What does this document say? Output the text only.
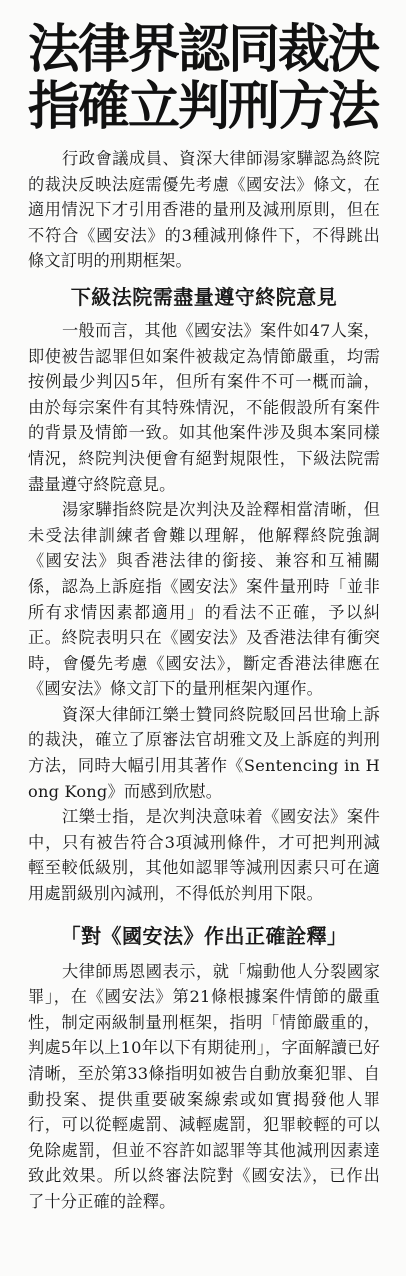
法律界認同裁決
指確立判刑方法

行政會議成員、資深大律師湯家驊認為終院的裁決反映法庭需優先考慮《國安法》條文，在適用情況下才引用香港的量刑及減刑原則，但在不符合《國安法》的3種減刑條件下，不得跳出條文訂明的刑期框架。

下級法院需盡量遵守終院意見

一般而言，其他《國安法》案件如47人案，即使被告認罪但如案件被裁定為情節嚴重，均需按例最少判囚5年，但所有案件不可一概而論，由於每宗案件有其特殊情況，不能假設所有案件的背景及情節一致。如其他案件涉及與本案同樣情況，終院判決便會有絕對規限性，下級法院需盡量遵守終院意見。

湯家驊指終院是次判決及詮釋相當清晰，但未受法律訓練者會難以理解，他解釋終院強調《國安法》與香港法律的銜接、兼容和互補關係，認為上訴庭指《國安法》案件量刑時「並非所有求情因素都適用」的看法不正確，予以糾正。終院表明只在《國安法》及香港法律有衝突時，會優先考慮《國安法》，斷定香港法律應在《國安法》條文訂下的量刑框架內運作。

資深大律師江樂士贊同終院駁回呂世瑜上訴的裁決，確立了原審法官胡雅文及上訴庭的判刑方法，同時大幅引用其著作《Sentencing in Hong Kong》而感到欣慰。

江樂士指，是次判決意味着《國安法》案件中，只有被告符合3項減刑條件，才可把判刑減輕至較低級別，其他如認罪等減刑因素只可在適用處罰級別內減刑，不得低於判用下限。

「對《國安法》作出正確詮釋」

大律師馬恩國表示，就「煽動他人分裂國家罪」，在《國安法》第21條根據案件情節的嚴重性，制定兩級制量刑框架，指明「情節嚴重的，判處5年以上10年以下有期徒刑」，字面解讀已好清晰，至於第33條指明如被告自動放棄犯罪、自動投案、提供重要破案線索或如實揭發他人罪行，可以從輕處罰、減輕處罰，犯罪較輕的可以免除處罰，但並不容許如認罪等其他減刑因素達致此效果。所以終審法院對《國安法》，已作出了十分正確的詮釋。
